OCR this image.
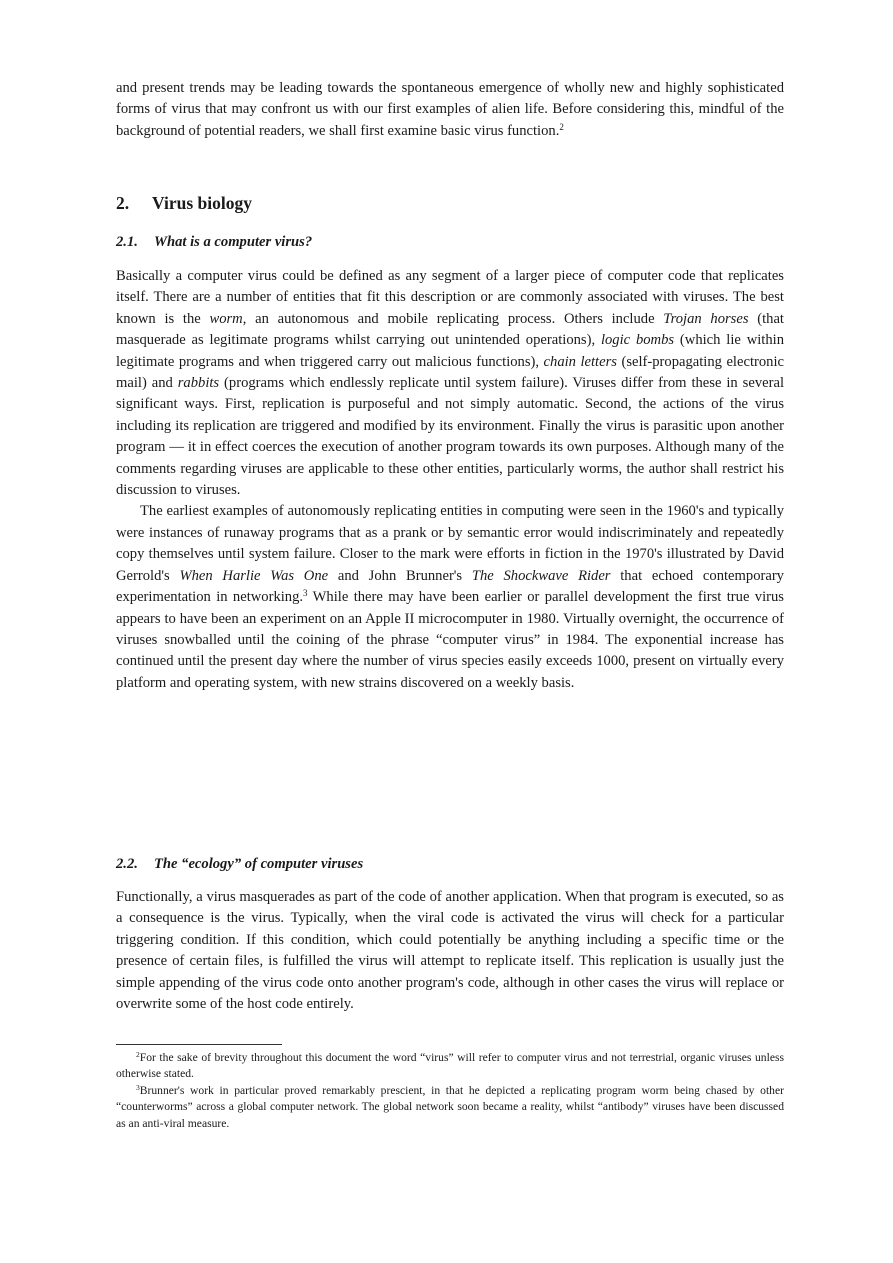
and present trends may be leading towards the spontaneous emergence of wholly new and highly sophisticated forms of virus that may confront us with our first examples of alien life. Before considering this, mindful of the background of potential readers, we shall first examine basic virus function.$^2$

2. Virus biology
2.1. What is a computer virus?

Basically a computer virus could be defined as any segment of a larger piece of computer code that replicates itself. There are a number of entities that fit this description or are commonly associated with viruses. The best known is the worm, an autonomous and mobile replicating process. Others include Trojan horses (that masquerade as legitimate programs whilst carrying out unintended operations), logic bombs (which lie within legitimate programs and when triggered carry out malicious functions), chain letters (self-propagating electronic mail) and rabbits (programs which endlessly replicate until system failure). Viruses differ from these in several significant ways. First, replication is purposeful and not simply automatic. Second, the actions of the virus including its replication are triggered and modified by its environment. Finally the virus is parasitic upon another program — it in effect coerces the execution of another program towards its own purposes. Although many of the comments regarding viruses are applicable to these other entities, particularly worms, the author shall restrict his discussion to viruses.

The earliest examples of autonomously replicating entities in computing were seen in the 1960's and typically were instances of runaway programs that as a prank or by semantic error would indiscriminately and repeatedly copy themselves until system failure. Closer to the mark were efforts in fiction in the 1970's illustrated by David Gerrold's When Harlie Was One and John Brunner's The Shockwave Rider that echoed contemporary experimentation in networking.$^3$ While there may have been earlier or parallel development the first true virus appears to have been an experiment on an Apple II microcomputer in 1980. Virtually overnight, the occurrence of viruses snowballed until the coining of the phrase “computer virus” in 1984. The exponential increase has continued until the present day where the number of virus species easily exceeds 1000, present on virtually every platform and operating system, with new strains discovered on a weekly basis.

2.2. The “ecology” of computer viruses

Functionally, a virus masquerades as part of the code of another application. When that program is executed, so as a consequence is the virus. Typically, when the viral code is activated the virus will check for a particular triggering condition. If this condition, which could potentially be anything including a specific time or the presence of certain files, is fulfilled the virus will attempt to replicate itself. This replication is usually just the simple appending of the virus code onto another program's code, although in other cases the virus will replace or overwrite some of the host code entirely.

$^2$For the sake of brevity throughout this document the word “virus” will refer to computer virus and not terrestrial, organic viruses unless otherwise stated.

$^3$Brunner's work in particular proved remarkably prescient, in that he depicted a replicating program worm being chased by other “counterworms” across a global computer network. The global network soon became a reality, whilst “antibody” viruses have been discussed as an anti-viral measure.
